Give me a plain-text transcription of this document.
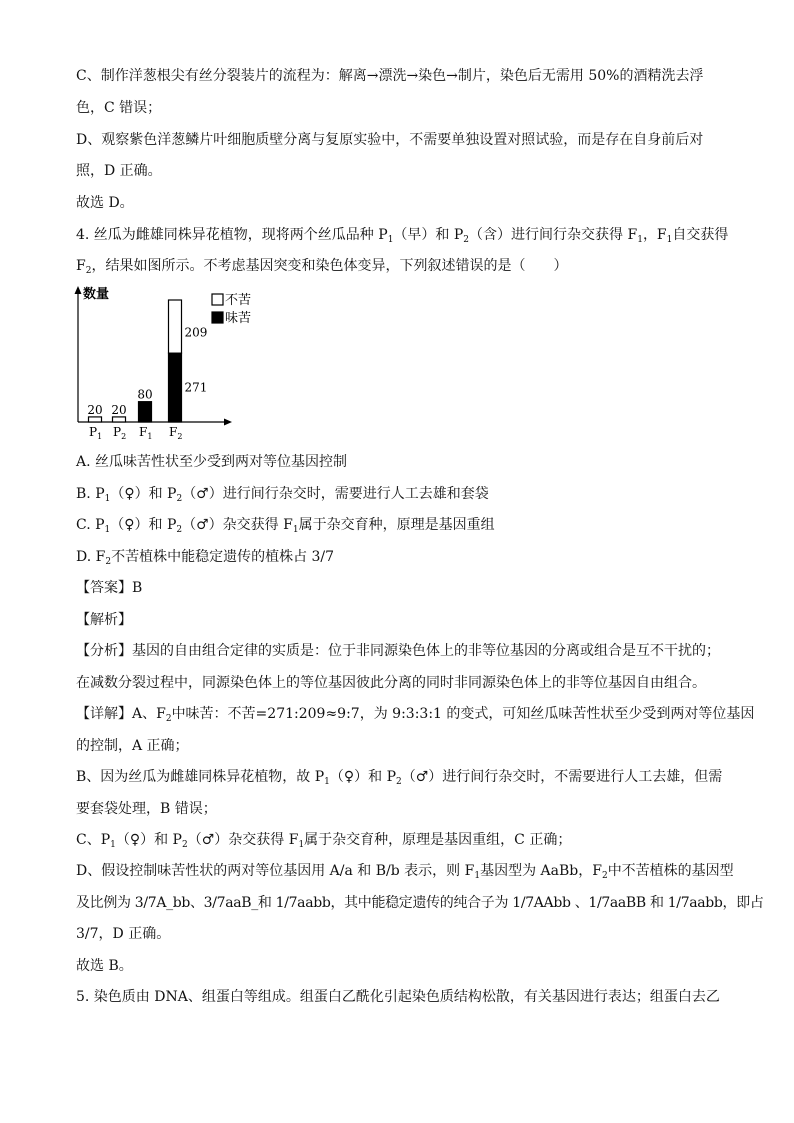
C、制作洋葱根尖有丝分裂装片的流程为：解离→漂洗→染色→制片，染色后无需用 50%的酒精洗去浮
色，C 错误；
D、观察紫色洋葱鳞片叶细胞质壁分离与复原实验中，不需要单独设置对照试验，而是存在自身前后对
照，D 正确。
故选 D。
4. 丝瓜为雌雄同株异花植物，现将两个丝瓜品种 $P_1$（早）和 $P_2$（含）进行间行杂交获得 $F_1$，$F_1$自交获得
$F_2$，结果如图所示。不考虑基因突变和染色体变异，下列叙述错误的是（　　）
数量
20
$P_1$
20
$P_2$
80
$F_1$
209
271
$F_2$
不苦
味苦
A. 丝瓜味苦性状至少受到两对等位基因控制
B. $P_1(♀)$和 $P_2(♂)$进行间行杂交时，需要进行人工去雄和套袋
C. $P_1(♀)$和 $P_2(♂)$杂交获得 $F_1$属于杂交育种，原理是基因重组
D. $F_2$不苦植株中能稳定遗传的植株占 3/7
【答案】B
【解析】
【分析】基因的自由组合定律的实质是：位于非同源染色体上的非等位基因的分离或组合是互不干扰的；
在减数分裂过程中，同源染色体上的等位基因彼此分离的同时非同源染色体上的非等位基因自由组合。
【详解】A、$F_2$中味苦：不苦=271:209≈9:7，为 9:3:3:1 的变式，可知丝瓜味苦性状至少受到两对等位基因
的控制，A 正确；
B、因为丝瓜为雌雄同株异花植物，故 $P_1(♀)$和 $P_2(♂)$进行间行杂交时，不需要进行人工去雄，但需
要套袋处理，B 错误；
C、$P_1(♀)$和 $P_2(♂)$杂交获得 $F_1$属于杂交育种，原理是基因重组，C 正确；
D、假设控制味苦性状的两对等位基因用 A/a 和 B/b 表示，则 $F_1$基因型为 AaBb，$F_2$中不苦植株的基因型
及比例为 3/7A_bb、3/7aaB_和 1/7aabb，其中能稳定遗传的纯合子为 1/7AAbb 、1/7aaBB 和 1/7aabb，即占
3/7，D 正确。
故选 B。
5. 染色质由 DNA、组蛋白等组成。组蛋白乙酰化引起染色质结构松散，有关基因进行表达；组蛋白去乙
